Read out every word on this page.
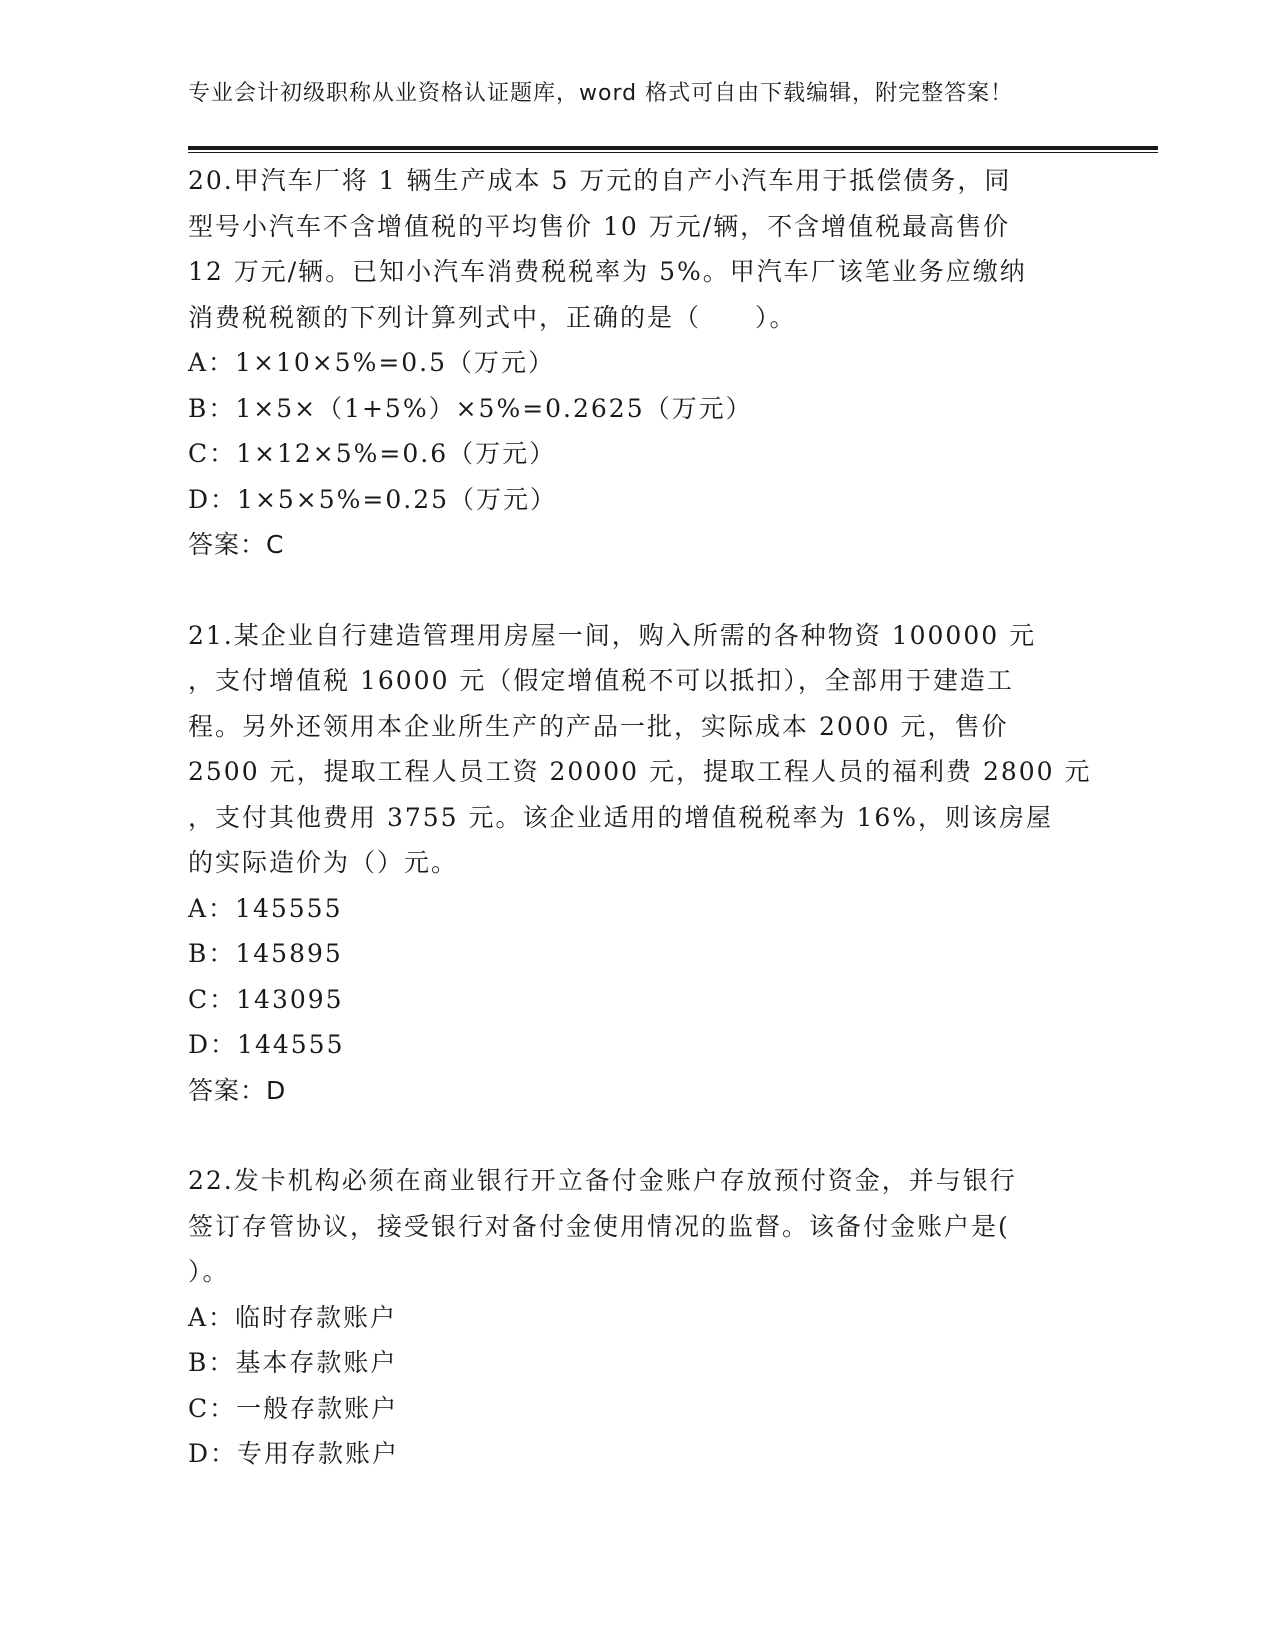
专业会计初级职称从业资格认证题库，word 格式可自由下载编辑，附完整答案！

20.甲汽车厂将 1 辆生产成本 5 万元的自产小汽车用于抵偿债务，同
型号小汽车不含增值税的平均售价 10 万元/辆，不含增值税最高售价
12 万元/辆。已知小汽车消费税税率为 5%。甲汽车厂该笔业务应缴纳
消费税税额的下列计算列式中，正确的是（　　）。

A：1×10×5%=0.5（万元）
B：1×5×（1+5%）×5%=0.2625（万元）
C：1×12×5%=0.6（万元）
D：1×5×5%=0.25（万元）

答案：C

21.某企业自行建造管理用房屋一间，购入所需的各种物资 100000 元
，支付增值税 16000 元（假定增值税不可以抵扣），全部用于建造工
程。另外还领用本企业所生产的产品一批，实际成本 2000 元，售价
2500 元，提取工程人员工资 20000 元，提取工程人员的福利费 2800 元
，支付其他费用 3755 元。该企业适用的增值税税率为 16%，则该房屋
的实际造价为（）元。

A：145555
B：145895
C：143095
D：144555

答案：D

22.发卡机构必须在商业银行开立备付金账户存放预付资金，并与银行
签订存管协议，接受银行对备付金使用情况的监督。该备付金账户是(
）。

A：临时存款账户
B：基本存款账户
C：一般存款账户
D：专用存款账户
